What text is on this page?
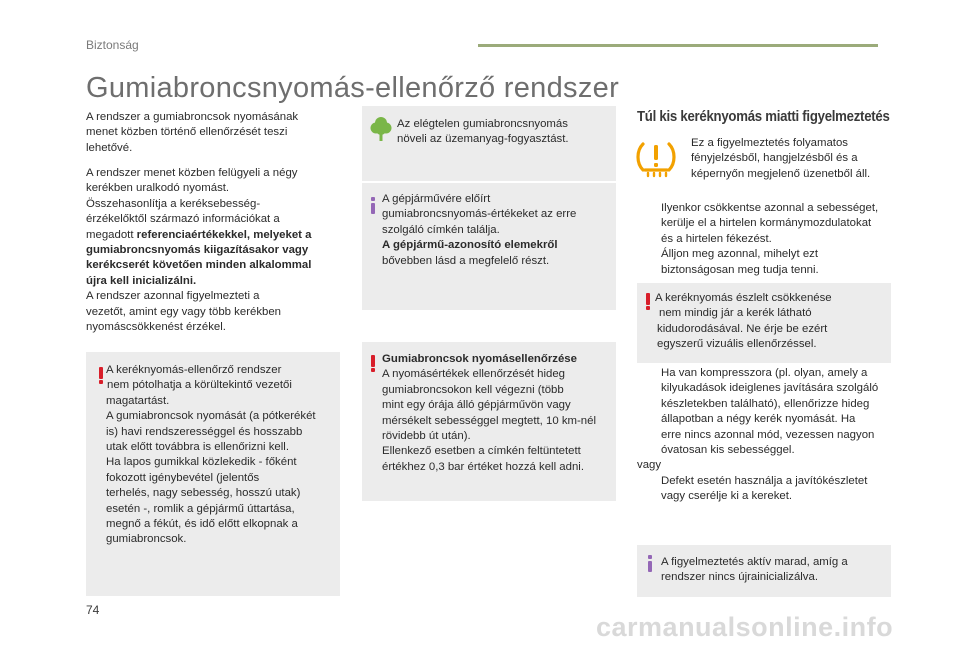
Biztonság
Gumiabroncsnyomás-ellenőrző rendszer

A rendszer a gumiabroncsok nyomásának

menet közben történő ellenőrzését teszi

lehetővé.

A rendszer menet közben felügyeli a négy

kerékben uralkodó nyomást.

Összehasonlítja a keréksebesség-

érzékelőktől származó információkat a

megadott referenciaértékekkel, melyeket a

gumiabroncsnyomás kiigazításakor vagy

kerékcserét követően minden alkalommal

újra kell inicializálni.

A rendszer azonnal figyelmezteti a

vezetőt, amint egy vagy több kerékben

nyomáscsökkenést érzékel.

A keréknyomás-ellenőrző rendszer

nem pótolhatja a körültekintő vezetői

magatartást.

A gumiabroncsok nyomását (a pótkerékét

is) havi rendszerességgel és hosszabb

utak előtt továbbra is ellenőrizni kell.

Ha lapos gumikkal közlekedik - főként

fokozott igénybevétel (jelentős

terhelés, nagy sebesség, hosszú utak)

esetén -, romlik a gépjármű úttartása,

megnő a fékút, és idő előtt elkopnak a

gumiabroncsok.

Az elégtelen gumiabroncsnyomás

növeli az üzemanyag-fogyasztást.

A gépjárművére előírt

gumiabroncsnyomás-értékeket az erre

szolgáló címkén találja.

A gépjármű-azonosító elemekről

bővebben lásd a megfelelő részt.

Gumiabroncsok nyomásellenőrzése

A nyomásértékek ellenőrzését hideg

gumiabroncsokon kell végezni (több

mint egy órája álló gépjárművön vagy

mérsékelt sebességgel megtett, 10 km-nél

rövidebb út után).

Ellenkező esetben a címkén feltüntetett

értékhez 0,3 bar értéket hozzá kell adni.

Túl kis keréknyomás miatti figyelmeztetés

Ez a figyelmeztetés folyamatos

fényjelzésből, hangjelzésből és a

képernyőn megjelenő üzenetből áll.

Ilyenkor csökkentse azonnal a sebességet,

kerülje el a hirtelen kormánymozdulatokat

és a hirtelen fékezést.

Álljon meg azonnal, mihelyt ezt

biztonságosan meg tudja tenni.

A keréknyomás észlelt csökkenése

nem mindig jár a kerék látható

kidudorodásával. Ne érje be ezért

egyszerű vizuális ellenőrzéssel.

Ha van kompresszora (pl. olyan, amely a

kilyukadások ideiglenes javítására szolgáló

készletekben található), ellenőrizze hideg

állapotban a négy kerék nyomását. Ha

erre nincs azonnal mód, vezessen nagyon

óvatosan kis sebességgel.

vagy

Defekt esetén használja a javítókészletet

vagy cserélje ki a kereket.

A figyelmeztetés aktív marad, amíg a

rendszer nincs újrainicializálva.

74
carmanualsonline.info
